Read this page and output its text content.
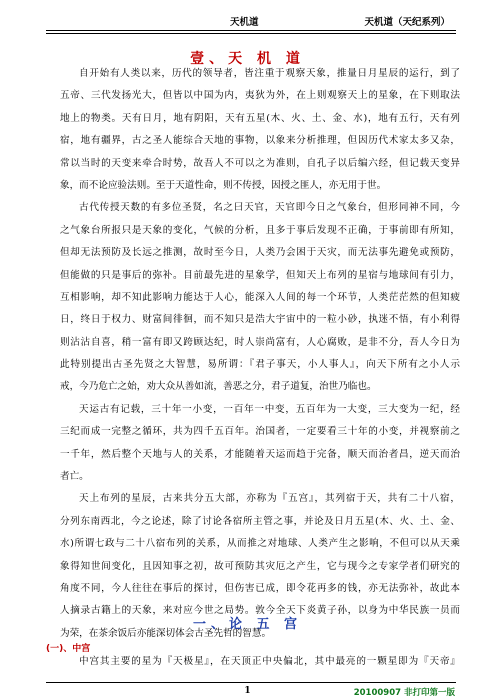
天机道	天机道（天纪系列）
壹、天 机 道
自开始有人类以来，历代的领导者，皆注重于观察天象，推量日月星辰的运行，到了
五帝、三代发扬光大，但皆以中国为内，夷狄为外，在上则观察天上的星象，在下则取法
地上的物类。天有日月，地有阴阳，天有五星(木、火、土、金、水)，地有五行，天有列
宿，地有疆界，古之圣人能综合天地的事物，以象来分析推理，但因历代术家太多又杂，
常以当时的天变来牵合时势，故吾人不可以之为准则，自孔子以后编六经，但记载天变异
象，而不论应验法则。至于天道性命，则不传授，因授之匪人，亦无用于世。
古代传授天数的有多位圣贤，名之曰天官，天官即今日之气象台，但形同神不同，今
之气象台所报只是天象的变化，气候的分析，且多于事后发现不正确，于事前即有所知，
但却无法预防及长远之推测，故时至今日，人类乃会困于天灾，而无法事先避免或预防，
但能做的只是事后的弥补。目前最先进的星象学，但知天上布列的星宿与地球间有引力，
互相影响，却不知此影响力能达于人心，能深入人间的每一个环节，人类茫茫然的但知疲
日，终日于权力、财富间徘徊，而不知只是浩大宇宙中的一粒小砂，执迷不悟，有小利得
则沾沾自喜，稍一富有即又跨顾达纪，时人崇尚富有，人心腐败，是非不分，吾人今日为
此特别提出古圣先贤之大智慧，易所谓：『君子事天，小人事人』，向天下所有之小人示
戒，今乃危亡之始，劝大众从善如流，善恶之分，君子道复，治世乃临也。
天运古有记载，三十年一小变，一百年一中变，五百年为一大变，三大变为一纪，经
三纪而成一完整之循环，共为四千五百年。治国者，一定要看三十年的小变，并视察前之
一千年，然后整个天地与人的关系，才能随着天运而趋于完备，顺天而治者昌，逆天而治
者亡。
天上布列的星辰，古来共分五大部，亦称为『五宫』，其列宿于天，共有二十八宿，
分列东南西北，今之论述，除了讨论各宿所主管之事，并论及日月五星(木、火、土、金、
水)所谓七政与二十八宿布列的关系，从而推之对地球、人类产生之影响，不但可以从天乘
象得知世间变化，且因知事之初，故可预防其灾厄之产生，它与现今之专家学者们研究的
角度不同，今人往往在事后的探讨，但伤害已成，即令花再多的钱，亦无法弥补，故此本
人摘录古籍上的天象，来对应今世之局势。敦今全天下炎黄子孙，以身为中华民族一员而
为荣，在茶余饭后亦能深切体会古圣先哲的智慧。
一、论 五 宫
(一)、中宫
中宫其主要的星为『天极星』，在天顶正中央偏北，其中最亮的一颗星即为『天帝』
1	20100907 非打印第一版
